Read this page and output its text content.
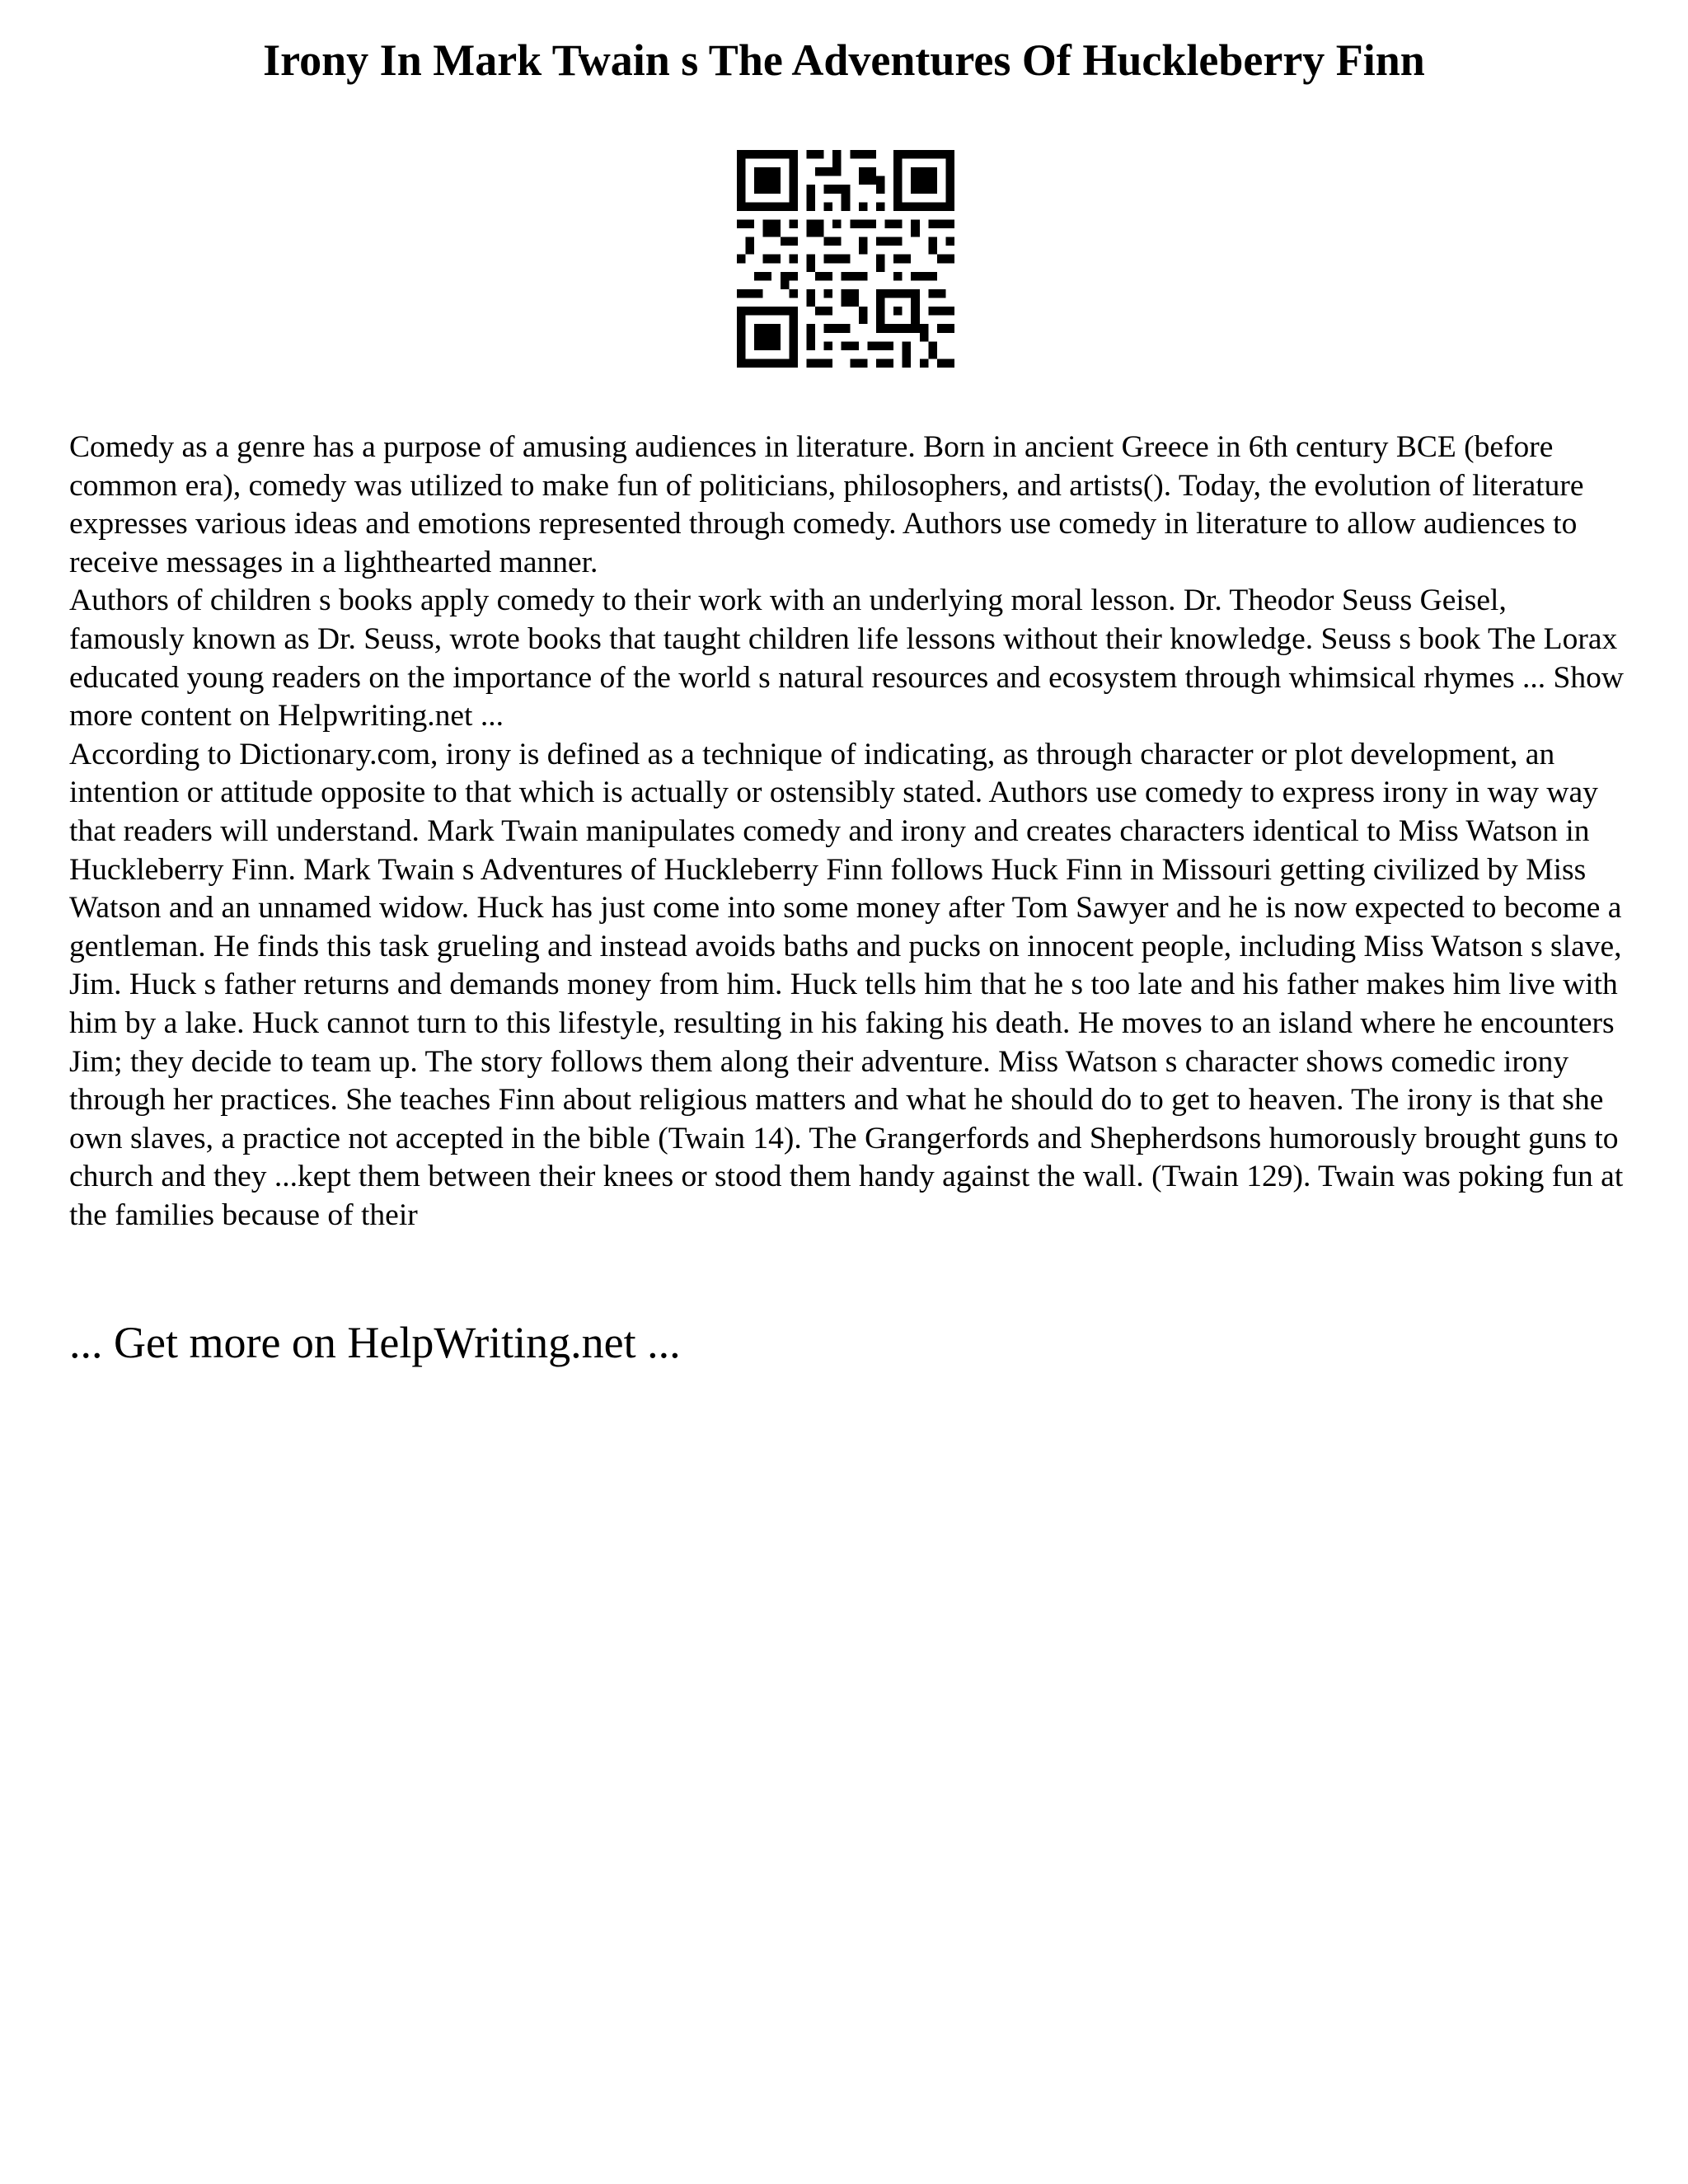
Irony In Mark Twain s The Adventures Of Huckleberry Finn

Comedy as a genre has a purpose of amusing audiences in literature. Born in ancient Greece in 6th century BCE (before common era), comedy was utilized to make fun of politicians, philosophers, and artists(). Today, the evolution of literature expresses various ideas and emotions represented through comedy. Authors use comedy in literature to allow audiences to receive messages in a lighthearted manner.

Authors of children s books apply comedy to their work with an underlying moral lesson. Dr. Theodor Seuss Geisel, famously known as Dr. Seuss, wrote books that taught children life lessons without their knowledge. Seuss s book The Lorax educated young readers on the importance of the world s natural resources and ecosystem through whimsical rhymes ... Show more content on Helpwriting.net ...

According to Dictionary.com, irony is defined as a technique of indicating, as through character or plot development, an intention or attitude opposite to that which is actually or ostensibly stated. Authors use comedy to express irony in way way that readers will understand. Mark Twain manipulates comedy and irony and creates characters identical to Miss Watson in Huckleberry Finn. Mark Twain s Adventures of Huckleberry Finn follows Huck Finn in Missouri getting civilized by Miss Watson and an unnamed widow. Huck has just come into some money after Tom Sawyer and he is now expected to become a gentleman. He finds this task grueling and instead avoids baths and pucks on innocent people, including Miss Watson s slave, Jim. Huck s father returns and demands money from him. Huck tells him that he s too late and his father makes him live with him by a lake. Huck cannot turn to this lifestyle, resulting in his faking his death. He moves to an island where he encounters Jim; they decide to team up. The story follows them along their adventure. Miss Watson s character shows comedic irony through her practices. She teaches Finn about religious matters and what he should do to get to heaven. The irony is that she own slaves, a practice not accepted in the bible (Twain 14). The Grangerfords and Shepherdsons humorously brought guns to church and they ...kept them between their knees or stood them handy against the wall. (Twain 129). Twain was poking fun at the families because of their

... Get more on HelpWriting.net ...
